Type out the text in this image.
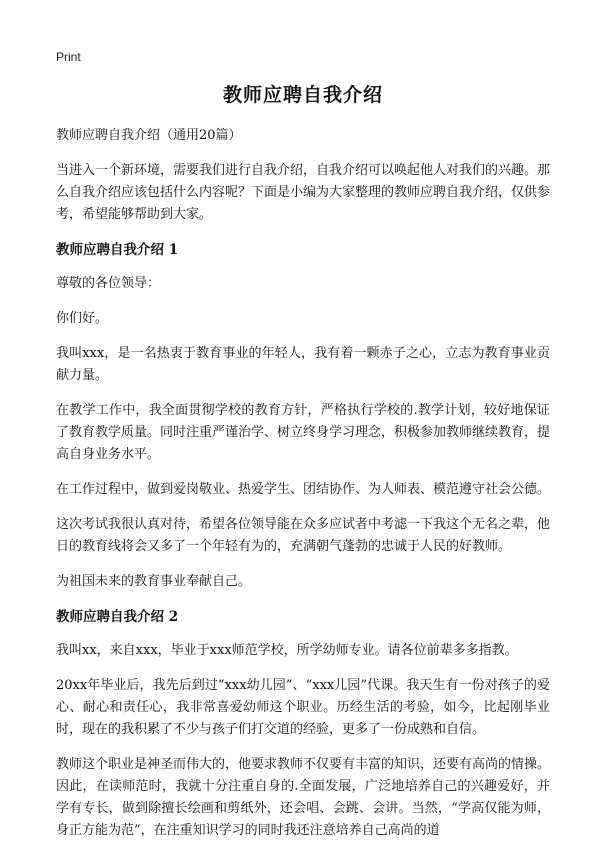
Print
教师应聘自我介绍

教师应聘自我介绍（通用20篇）

当进入一个新环境，需要我们进行自我介绍，自我介绍可以唤起他人对我们的兴趣。那么自我介绍应该包括什么内容呢？下面是小编为大家整理的教师应聘自我介绍，仅供参考，希望能够帮助到大家。

教师应聘自我介绍 1

尊敬的各位领导：

你们好。

我叫xxx，是一名热衷于教育事业的年轻人，我有着一颗赤子之心，立志为教育事业贡献力量。

在教学工作中，我全面贯彻学校的教育方针，严格执行学校的.教学计划，较好地保证了教育教学质量。同时注重严谨治学、树立终身学习理念，积极参加教师继续教育，提高自身业务水平。

在工作过程中，做到爱岗敬业、热爱学生、团结协作、为人师表、模范遵守社会公德。

这次考试我很认真对待，希望各位领导能在众多应试者中考滤一下我这个无名之辈，他日的教育线将会又多了一个年轻有为的，充满朝气蓬勃的忠诚于人民的好教师。

为祖国未来的教育事业奉献自己。

教师应聘自我介绍 2

我叫xx，来自xxx，毕业于xxx师范学校，所学幼师专业。请各位前辈多多指教。

20xx年毕业后，我先后到过“xxx幼儿园”、“xxx儿园”代课。我天生有一份对孩子的爱心、耐心和责任心，我非常喜爱幼师这个职业。历经生活的考验，如今，比起刚毕业时，现在的我积累了不少与孩子们打交道的经验，更多了一份成熟和自信。

教师这个职业是神圣而伟大的，他要求教师不仅要有丰富的知识，还要有高尚的情操。因此，在读师范时，我就十分注重自身的.全面发展，广泛地培养自己的兴趣爱好，并学有专长，做到除擅长绘画和剪纸外，还会唱、会跳、会讲。当然，“学高仅能为师，身正方能为范”，在注重知识学习的同时我还注意培养自己高尚的道
